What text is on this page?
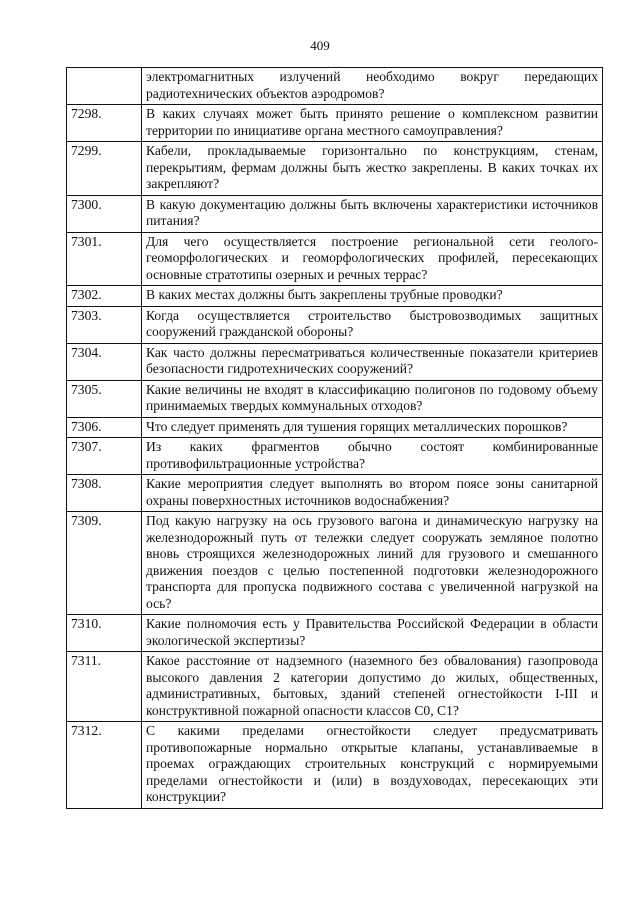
409
	электромагнитных излучений необходимо вокруг передающих радиотехнических объектов аэродромов?
7298.	В каких случаях может быть принято решение о комплексном развитии территории по инициативе органа местного самоуправления?
7299.	Кабели, прокладываемые горизонтально по конструкциям, стенам, перекрытиям, фермам должны быть жестко закреплены. В каких точках их закрепляют?
7300.	В какую документацию должны быть включены характеристики источников питания?
7301.	Для чего осуществляется построение региональной сети геолого-геоморфологических и геоморфологических профилей, пересекающих основные стратотипы озерных и речных террас?
7302.	В каких местах должны быть закреплены трубные проводки?
7303.	Когда осуществляется строительство быстровозводимых защитных сооружений гражданской обороны?
7304.	Как часто должны пересматриваться количественные показатели критериев безопасности гидротехнических сооружений?
7305.	Какие величины не входят в классификацию полигонов по годовому объему принимаемых твердых коммунальных отходов?
7306.	Что следует применять для тушения горящих металлических порошков?
7307.	Из каких фрагментов обычно состоят комбинированные противофильтрационные устройства?
7308.	Какие мероприятия следует выполнять во втором поясе зоны санитарной охраны поверхностных источников водоснабжения?
7309.	Под какую нагрузку на ось грузового вагона и динамическую нагрузку на железнодорожный путь от тележки следует сооружать земляное полотно вновь строящихся железнодорожных линий для грузового и смешанного движения поездов с целью постепенной подготовки железнодорожного транспорта для пропуска подвижного состава с увеличенной нагрузкой на ось?
7310.	Какие полномочия есть у Правительства Российской Федерации в области экологической экспертизы?
7311.	Какое расстояние от надземного (наземного без обвалования) газопровода высокого давления 2 категории допустимо до жилых, общественных, административных, бытовых, зданий степеней огнестойкости I-III и конструктивной пожарной опасности классов С0, С1?
7312.	С какими пределами огнестойкости следует предусматривать противопожарные нормально открытые клапаны, устанавливаемые в проемах ограждающих строительных конструкций с нормируемыми пределами огнестойкости и (или) в воздуховодах, пересекающих эти конструкции?
